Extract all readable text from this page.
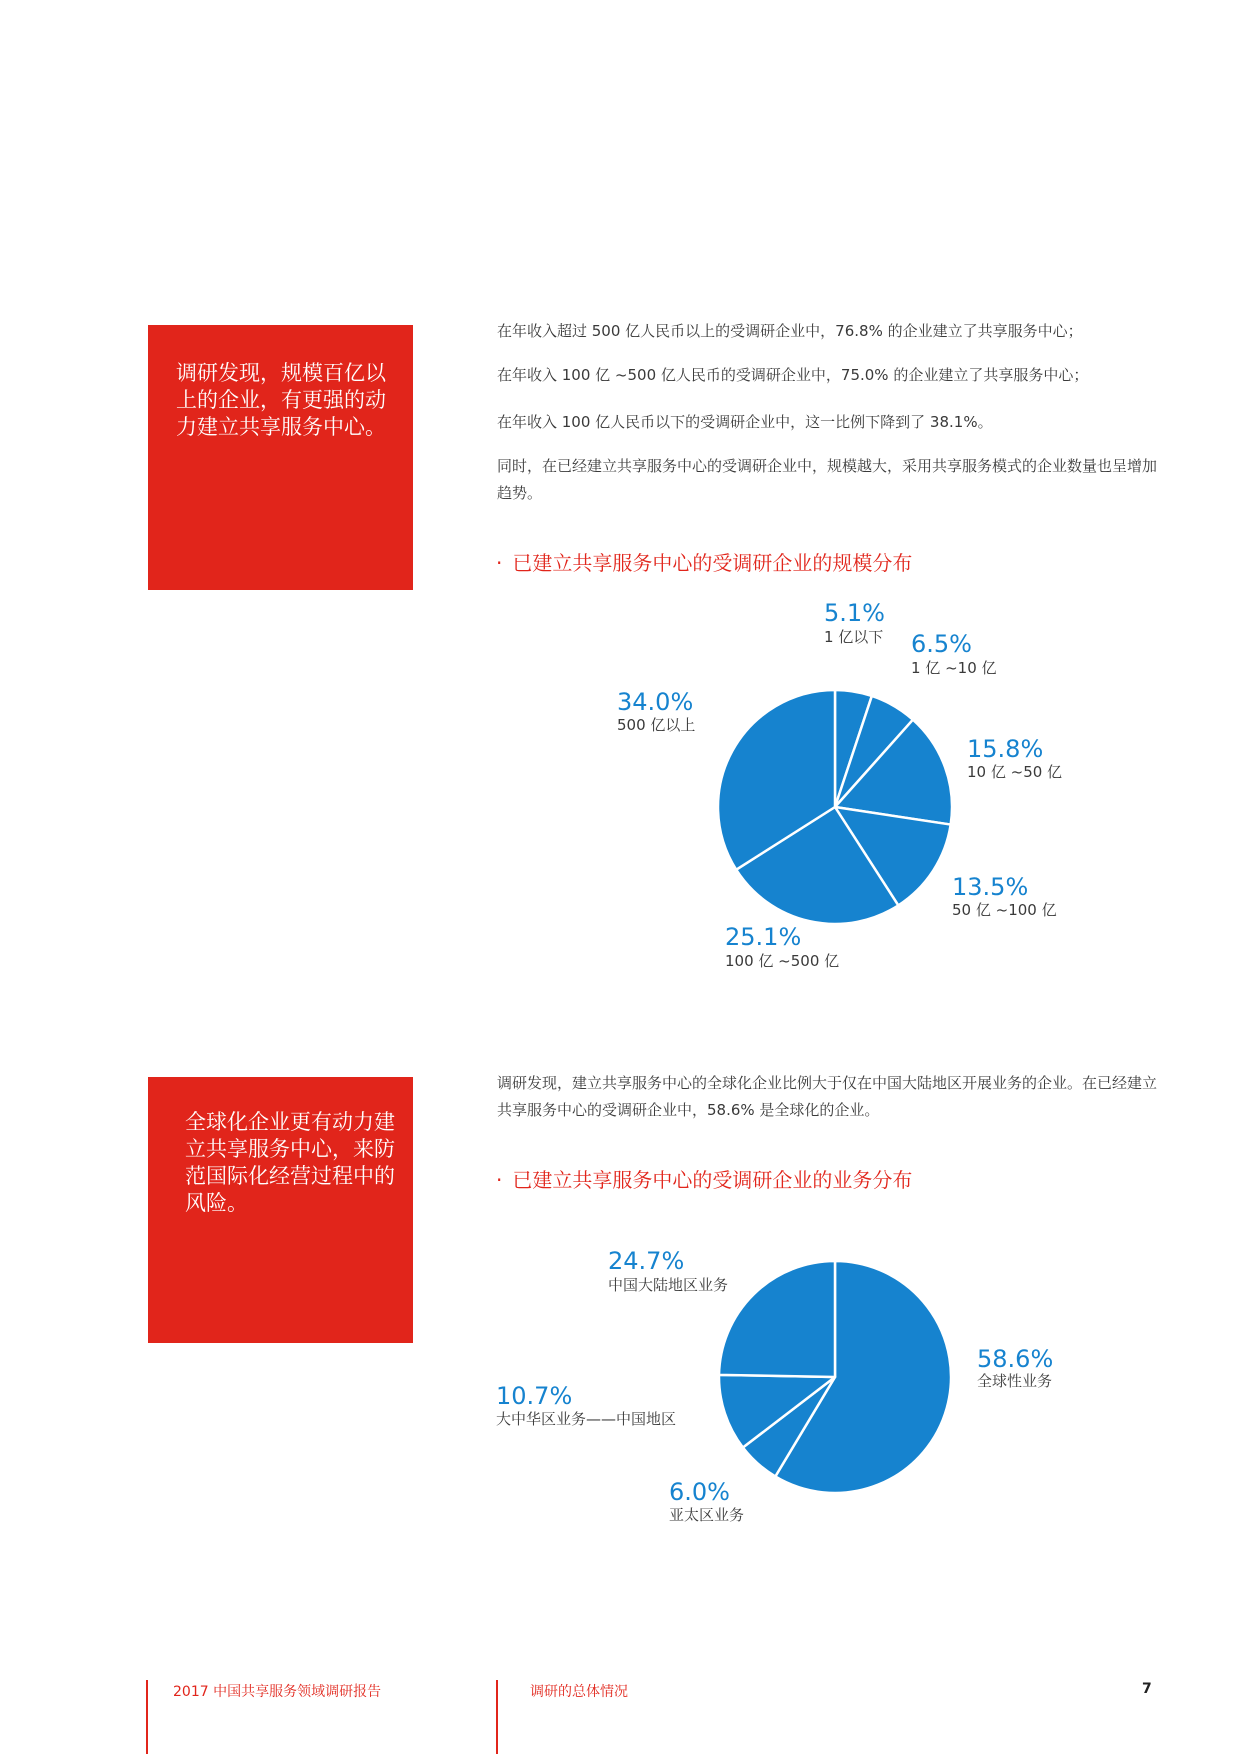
调研发现，规模百亿以上的企业，有更强的动力建立共享服务中心。

在年收入超过 500 亿人民币以上的受调研企业中，76.8% 的企业建立了共享服务中心；

在年收入 100 亿 ~500 亿人民币的受调研企业中，75.0% 的企业建立了共享服务中心；

在年收入 100 亿人民币以下的受调研企业中，这一比例下降到了 38.1%。

同时，在已经建立共享服务中心的受调研企业中，规模越大，采用共享服务模式的企业数量也呈增加趋势。

· 已建立共享服务中心的受调研企业的规模分布
5.1%
1 亿以下 6.5%
1 亿 ~10 亿
15.8%
10 亿 ~50 亿
13.5%
50 亿 ~100 亿
25.1%
100 亿 ~500 亿
34.0%
500 亿以上
全球化企业更有动力建立共享服务中心，来防范国际化经营过程中的风险。

调研发现，建立共享服务中心的全球化企业比例大于仅在中国大陆地区开展业务的企业。在已经建立共享服务中心的受调研企业中，58.6% 是全球化的企业。

· 已建立共享服务中心的受调研企业的业务分布
58.6%
全球性业务
6.0%
亚太区业务
10.7%
大中华区业务——中国地区
24.7%
中国大陆地区业务
2017 中国共享服务领域调研报告	调研的总体情况	7
